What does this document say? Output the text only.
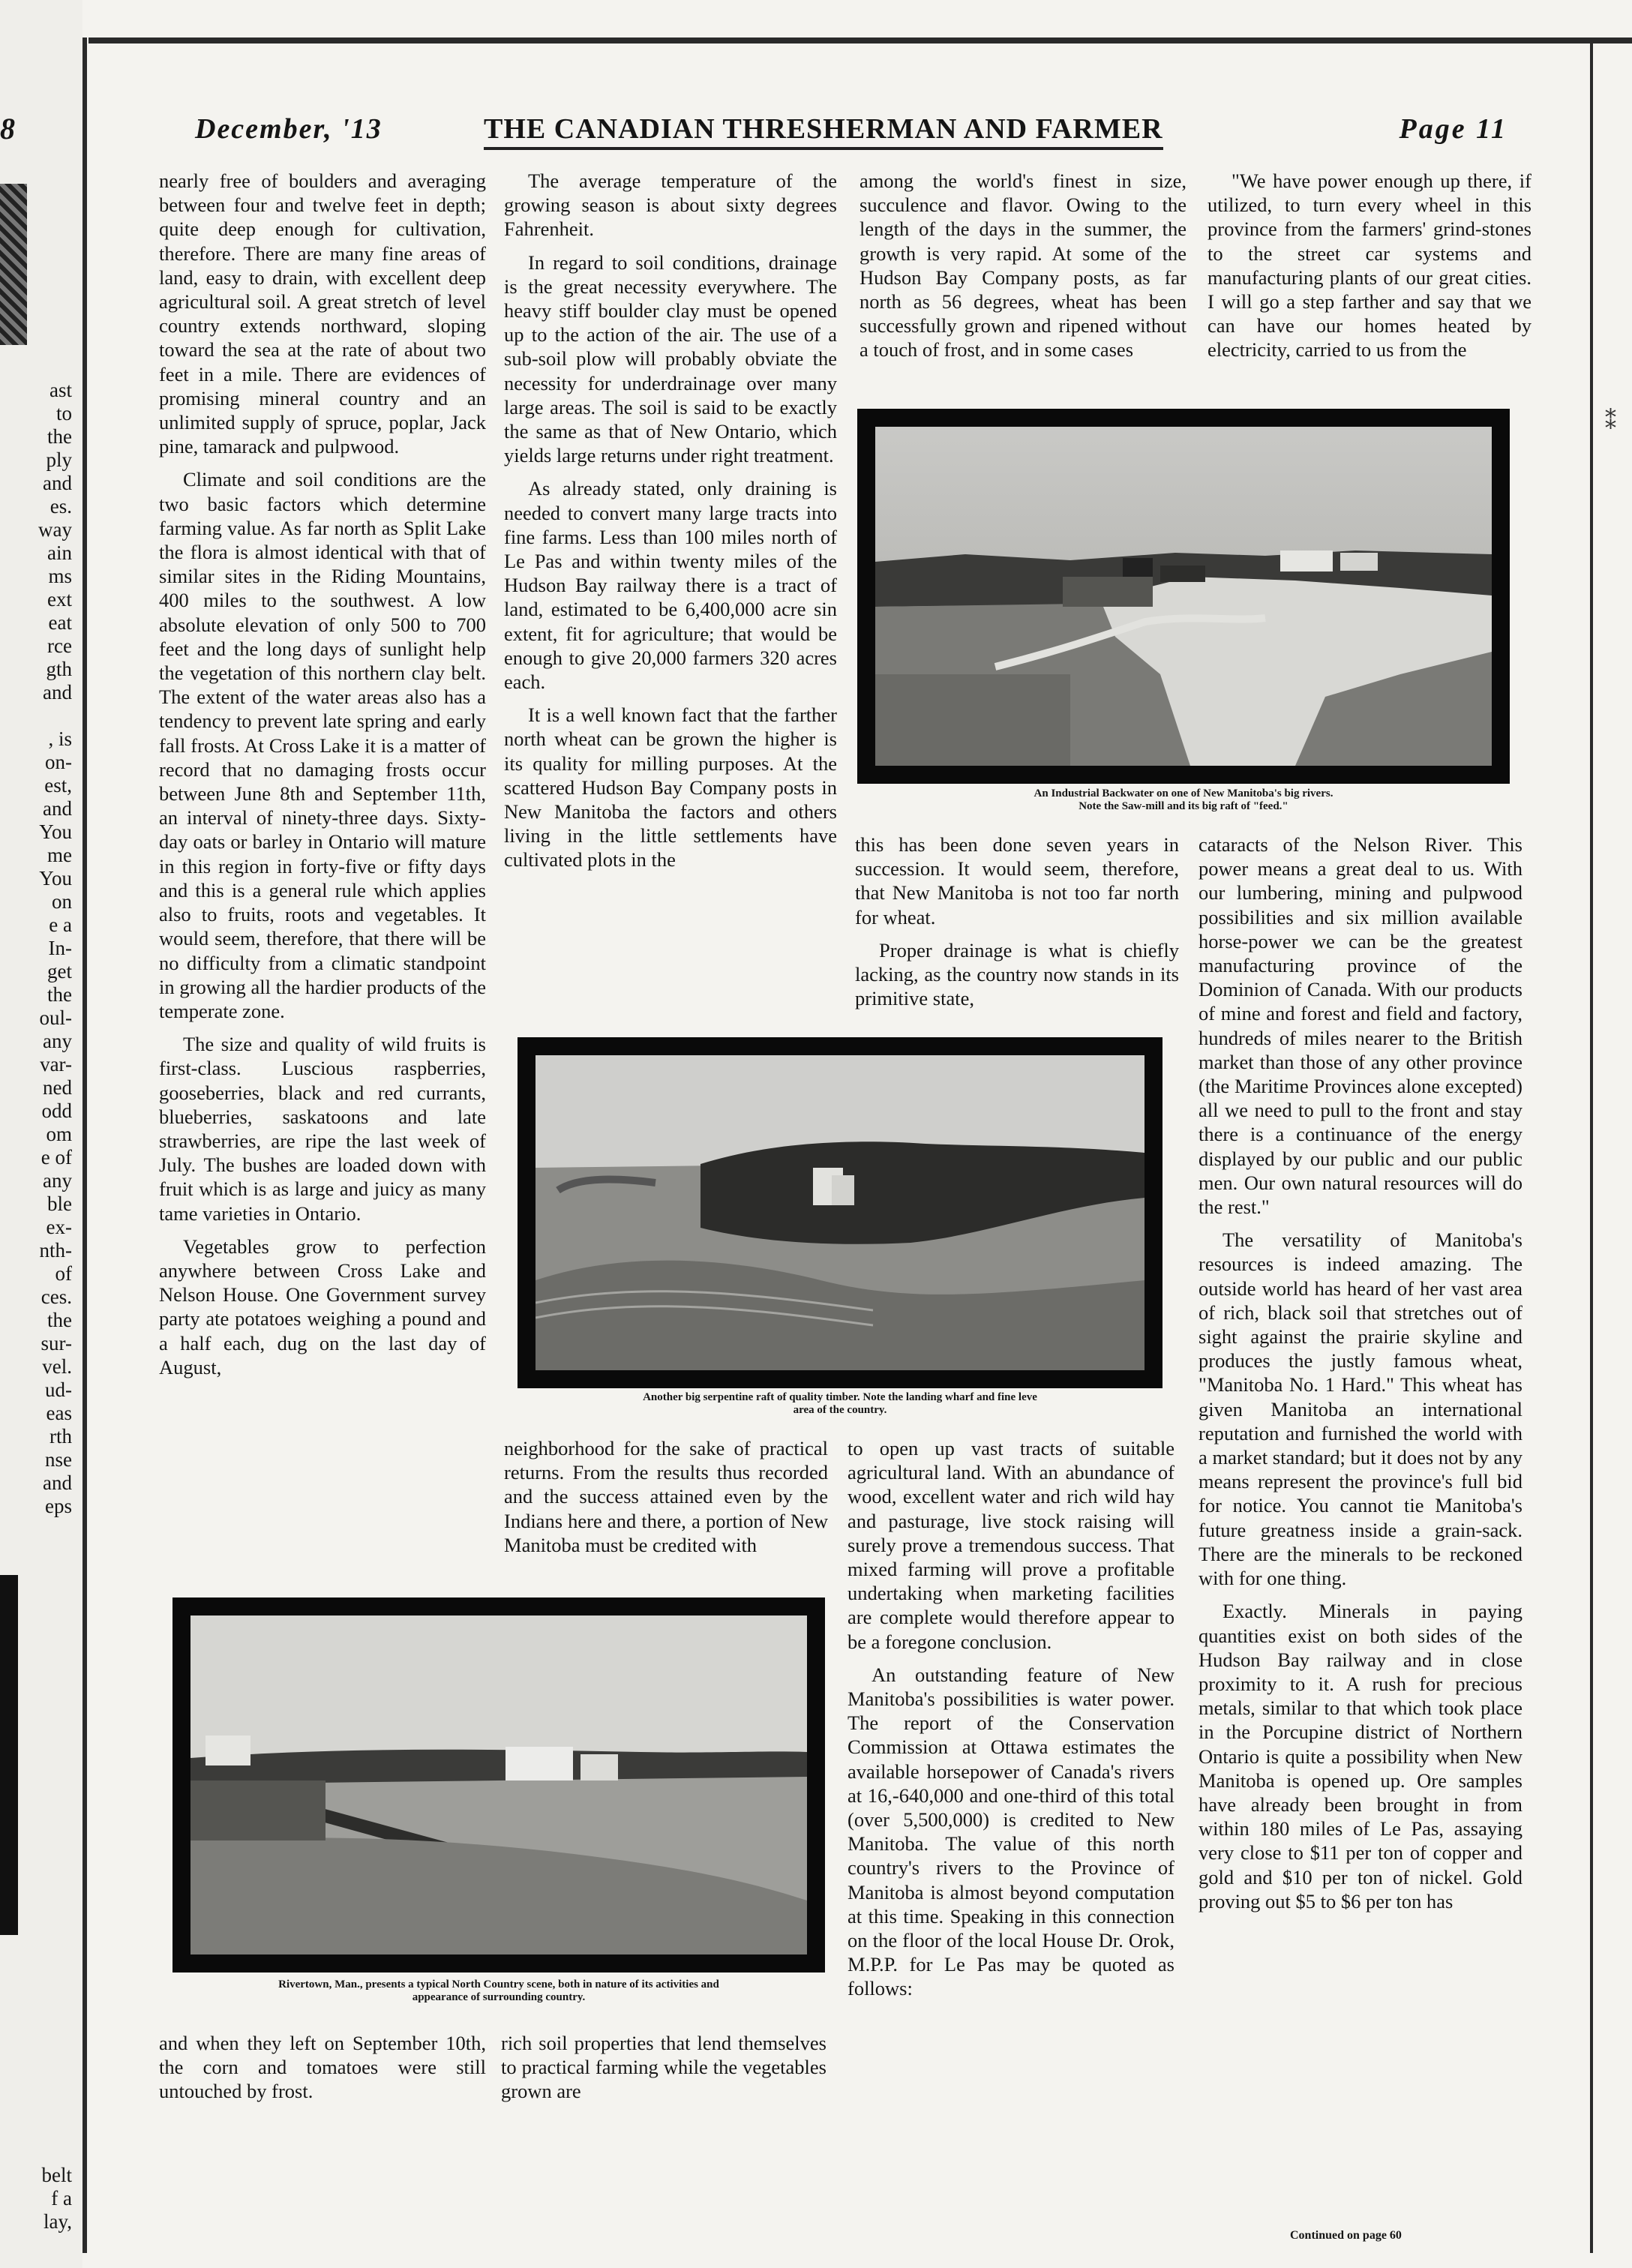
8
ast
to
the
ply
and
es.
way
ain
ms
ext
eat
rce
gth
and

, is
on-
est,
and
You
me
You
on
e a
In-
get
the
oul-
any
var-
ned
odd
om
e of
any
ble
ex-
nth-
of
ces.
the
sur-
vel.
ud-
eas
rth
nse
and
eps
belt
f a
lay,
December, '13	THE CANADIAN THRESHERMAN AND FARMER	Page 11

nearly free of boulders and averaging between four and twelve feet in depth; quite deep enough for cultivation, therefore. There are many fine areas of land, easy to drain, with excellent deep agricultural soil. A great stretch of level country extends northward, sloping toward the sea at the rate of about two feet in a mile. There are evidences of promising mineral country and an unlimited supply of spruce, poplar, Jack pine, tamarack and pulpwood.

Climate and soil conditions are the two basic factors which determine farming value. As far north as Split Lake the flora is almost identical with that of similar sites in the Riding Mountains, 400 miles to the southwest. A low absolute elevation of only 500 to 700 feet and the long days of sunlight help the vegetation of this northern clay belt. The extent of the water areas also has a tendency to prevent late spring and early fall frosts. At Cross Lake it is a matter of record that no damaging frosts occur between June 8th and September 11th, an interval of ninety-three days. Sixty-day oats or barley in Ontario will mature in this region in forty-five or fifty days and this is a general rule which applies also to fruits, roots and vegetables. It would seem, therefore, that there will be no difficulty from a climatic standpoint in growing all the hardier products of the temperate zone.

The size and quality of wild fruits is first-class. Luscious raspberries, gooseberries, black and red currants, blueberries, saskatoons and late strawberries, are ripe the last week of July. The bushes are loaded down with fruit which is as large and juicy as many tame varieties in Ontario.

Vegetables grow to perfection anywhere between Cross Lake and Nelson House. One Government survey party ate potatoes weighing a pound and a half each, dug on the last day of August,

and when they left on September 10th, the corn and tomatoes were still untouched by frost.

The average temperature of the growing season is about sixty degrees Fahrenheit.

In regard to soil conditions, drainage is the great necessity everywhere. The heavy stiff boulder clay must be opened up to the action of the air. The use of a sub-soil plow will probably obviate the necessity for underdrainage over many large areas. The soil is said to be exactly the same as that of New Ontario, which yields large returns under right treatment.

As already stated, only draining is needed to convert many large tracts into fine farms. Less than 100 miles north of Le Pas and within twenty miles of the Hudson Bay railway there is a tract of land, estimated to be 6,400,000 acre sin extent, fit for agriculture; that would be enough to give 20,000 farmers 320 acres each.

It is a well known fact that the farther north wheat can be grown the higher is its quality for milling purposes. At the scattered Hudson Bay Company posts in New Manitoba the factors and others living in the little settlements have cultivated plots in the

neighborhood for the sake of practical returns. From the results thus recorded and the success attained even by the Indians here and there, a portion of New Manitoba must be credited with

rich soil properties that lend themselves to practical farming while the vegetables grown are

among the world's finest in size, succulence and flavor. Owing to the length of the days in the summer, the growth is very rapid. At some of the Hudson Bay Company posts, as far north as 56 degrees, wheat has been successfully grown and ripened without a touch of frost, and in some cases

this has been done seven years in succession. It would seem, therefore, that New Manitoba is not too far north for wheat.

Proper drainage is what is chiefly lacking, as the country now stands in its primitive state,

to open up vast tracts of suitable agricultural land. With an abundance of wood, excellent water and rich wild hay and pasturage, live stock raising will surely prove a tremendous success. That mixed farming will prove a profitable undertaking when marketing facilities are complete would therefore appear to be a foregone conclusion.

An outstanding feature of New Manitoba's possibilities is water power. The report of the Conservation Commission at Ottawa estimates the available horsepower of Canada's rivers at 16,-640,000 and one-third of this total (over 5,500,000) is credited to New Manitoba. The value of this north country's rivers to the Province of Manitoba is almost beyond computation at this time. Speaking in this connection on the floor of the local House Dr. Orok, M.P.P. for Le Pas may be quoted as follows:

"We have power enough up there, if utilized, to turn every wheel in this province from the farmers' grind-stones to the street car systems and manufacturing plants of our great cities. I will go a step farther and say that we can have our homes heated by electricity, carried to us from the

cataracts of the Nelson River. This power means a great deal to us. With our lumbering, mining and pulpwood possibilities and six million available horse-power we can be the greatest manufacturing province of the Dominion of Canada. With our products of mine and forest and field and factory, hundreds of miles nearer to the British market than those of any other province (the Maritime Provinces alone excepted) all we need to pull to the front and stay there is a continuance of the energy displayed by our public and our public men. Our own natural resources will do the rest."

The versatility of Manitoba's resources is indeed amazing. The outside world has heard of her vast area of rich, black soil that stretches out of sight against the prairie skyline and produces the justly famous wheat, "Manitoba No. 1 Hard." This wheat has given Manitoba an international reputation and furnished the world with a market standard; but it does not by any means represent the province's full bid for notice. You cannot tie Manitoba's future greatness inside a grain-sack. There are the minerals to be reckoned with for one thing.

Exactly. Minerals in paying quantities exist on both sides of the Hudson Bay railway and in close proximity to it. A rush for precious metals, similar to that which took place in the Porcupine district of Northern Ontario is quite a possibility when New Manitoba is opened up. Ore samples have already been brought in from within 180 miles of Le Pas, assaying very close to $11 per ton of copper and gold and $10 per ton of nickel. Gold proving out $5 to $6 per ton has

An Industrial Backwater on one of New Manitoba's big rivers.
Note the Saw-mill and its big raft of "feed."
Another big serpentine raft of quality timber. Note the landing wharf and fine leve
area of the country.
Rivertown, Man., presents a typical North Country scene, both in nature of its activities and
appearance of surrounding country.
Continued on page 60
⁑
